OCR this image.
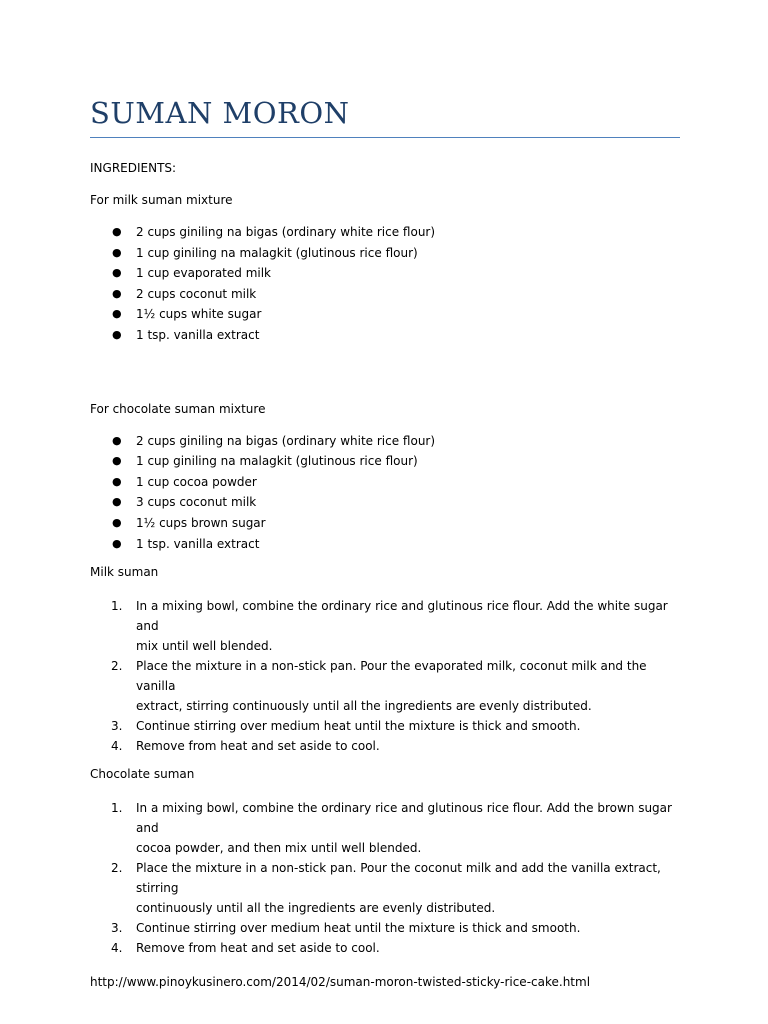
SUMAN MORON

INGREDIENTS:

For milk suman mixture

● 2 cups giniling na bigas (ordinary white rice flour)
● 1 cup giniling na malagkit (glutinous rice flour)
● 1 cup evaporated milk
● 2 cups coconut milk
● 1½ cups white sugar
● 1 tsp. vanilla extract

For chocolate suman mixture

● 2 cups giniling na bigas (ordinary white rice flour)
● 1 cup giniling na malagkit (glutinous rice flour)
● 1 cup cocoa powder
● 3 cups coconut milk
● 1½ cups brown sugar
● 1 tsp. vanilla extract

Milk suman

1. In a mixing bowl, combine the ordinary rice and glutinous rice flour. Add the white sugar and
mix until well blended.
2. Place the mixture in a non-stick pan. Pour the evaporated milk, coconut milk and the vanilla
extract, stirring continuously until all the ingredients are evenly distributed.
3. Continue stirring over medium heat until the mixture is thick and smooth.
4. Remove from heat and set aside to cool.

Chocolate suman

1. In a mixing bowl, combine the ordinary rice and glutinous rice flour. Add the brown sugar and
cocoa powder, and then mix until well blended.
2. Place the mixture in a non-stick pan. Pour the coconut milk and add the vanilla extract, stirring
continuously until all the ingredients are evenly distributed.
3. Continue stirring over medium heat until the mixture is thick and smooth.
4. Remove from heat and set aside to cool.
http://www.pinoykusinero.com/2014/02/suman-moron-twisted-sticky-rice-cake.html
